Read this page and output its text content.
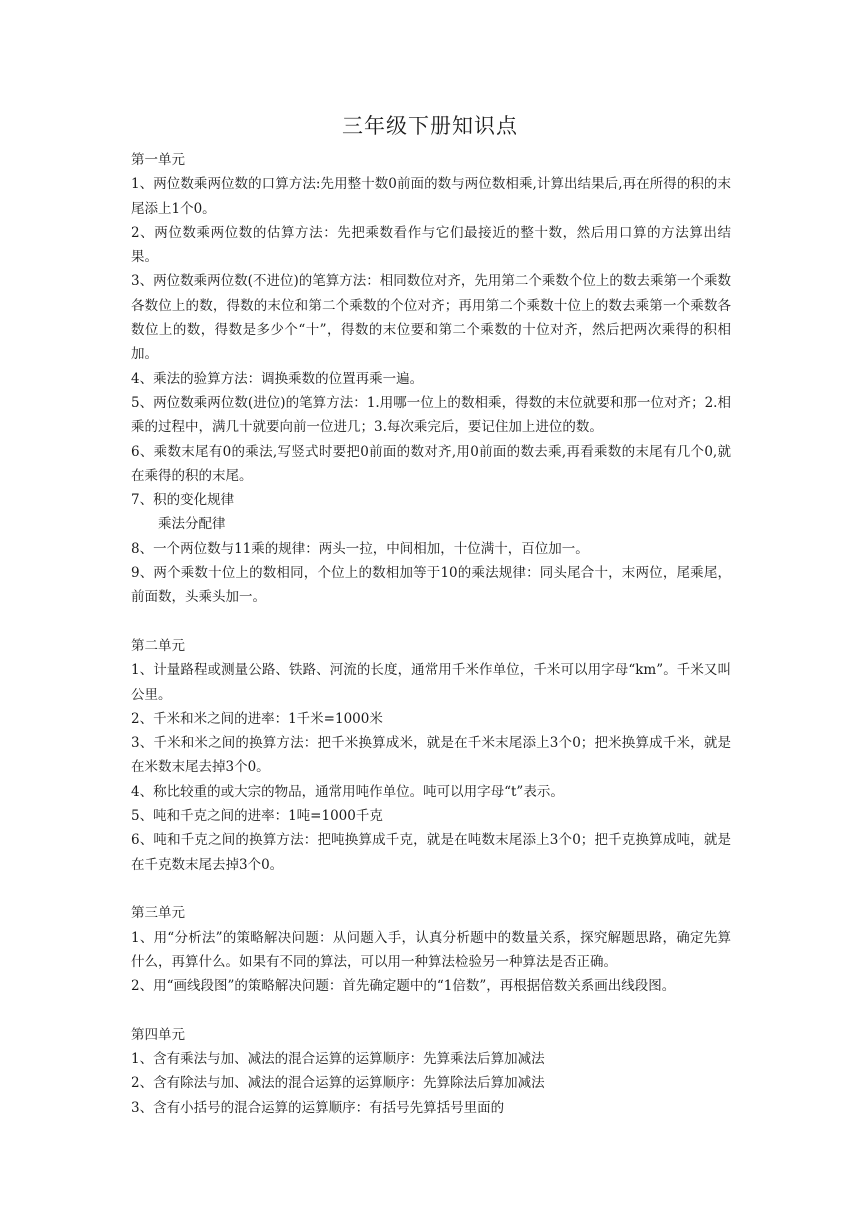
三年级下册知识点

第一单元

1、两位数乘两位数的口算方法:先用整十数0前面的数与两位数相乘,计算出结果后,再在所得的积的末尾添上1个0。

2、两位数乘两位数的估算方法：先把乘数看作与它们最接近的整十数，然后用口算的方法算出结果。

3、两位数乘两位数(不进位)的笔算方法：相同数位对齐，先用第二个乘数个位上的数去乘第一个乘数各数位上的数，得数的末位和第二个乘数的个位对齐；再用第二个乘数十位上的数去乘第一个乘数各数位上的数，得数是多少个“十”，得数的末位要和第二个乘数的十位对齐，然后把两次乘得的积相加。

4、乘法的验算方法：调换乘数的位置再乘一遍。

5、两位数乘两位数(进位)的笔算方法：1.用哪一位上的数相乘，得数的末位就要和那一位对齐；2.相乘的过程中，满几十就要向前一位进几；3.每次乘完后，要记住加上进位的数。

6、乘数末尾有0的乘法,写竖式时要把0前面的数对齐,用0前面的数去乘,再看乘数的末尾有几个0,就在乘得的积的末尾。

7、积的变化规律

乘法分配律

8、一个两位数与11乘的规律：两头一拉，中间相加，十位满十，百位加一。

9、两个乘数十位上的数相同，个位上的数相加等于10的乘法规律：同头尾合十，末两位，尾乘尾，前面数，头乘头加一。

第二单元

1、计量路程或测量公路、铁路、河流的长度，通常用千米作单位，千米可以用字母“km”。千米又叫公里。

2、千米和米之间的进率：1千米=1000米

3、千米和米之间的换算方法：把千米换算成米，就是在千米末尾添上3个0；把米换算成千米，就是在米数末尾去掉3个0。

4、称比较重的或大宗的物品，通常用吨作单位。吨可以用字母“t”表示。

5、吨和千克之间的进率：1吨=1000千克

6、吨和千克之间的换算方法：把吨换算成千克，就是在吨数末尾添上3个0；把千克换算成吨，就是在千克数末尾去掉3个0。

第三单元

1、用“分析法”的策略解决问题：从问题入手，认真分析题中的数量关系，探究解题思路，确定先算什么，再算什么。如果有不同的算法，可以用一种算法检验另一种算法是否正确。

2、用“画线段图”的策略解决问题：首先确定题中的“1倍数”，再根据倍数关系画出线段图。

第四单元

1、含有乘法与加、减法的混合运算的运算顺序：先算乘法后算加减法

2、含有除法与加、减法的混合运算的运算顺序：先算除法后算加减法

3、含有小括号的混合运算的运算顺序：有括号先算括号里面的
